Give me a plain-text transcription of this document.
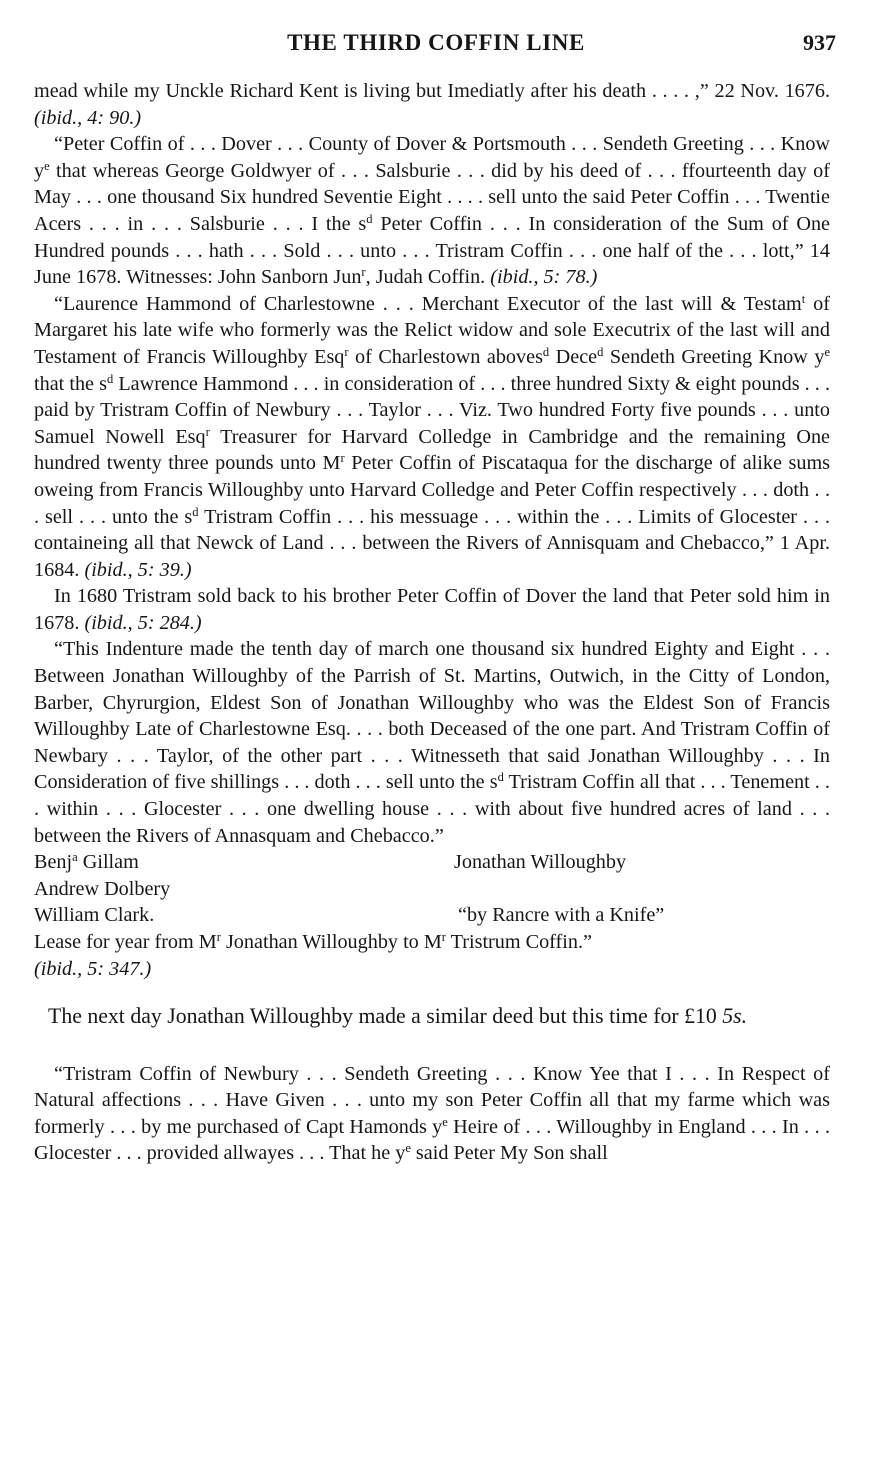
THE THIRD COFFIN LINE	937

mead while my Unckle Richard Kent is living but Imediatly after his death . . . . ,” 22 Nov. 1676. (ibid., 4: 90.)

“Peter Coffin of . . . Dover . . . County of Dover & Portsmouth . . . Sendeth Greeting . . . Know $y^e$ that whereas George Goldwyer of . . . Salsburie . . . did by his deed of . . . ffourteenth day of May . . . one thousand Six hundred Seventie Eight . . . . sell unto the said Peter Coffin . . . Twentie Acers . . . in . . . Salsburie . . . I the $s^d$ Peter Coffin . . . In consideration of the Sum of One Hundred pounds . . . hath . . . Sold . . . unto . . . Tristram Coffin . . . one half of the . . . lott,” 14 June 1678. Witnesses: John Sanborn Jun$^r$, Judah Coffin. (ibid., 5: 78.)

“Laurence Hammond of Charlestowne . . . Merchant Executor of the last will & Testam$^t$ of Margaret his late wife who formerly was the Relict widow and sole Executrix of the last will and Testament of Francis Willoughby Esq$^r$ of Charlestown aboves$^d$ Dece$^d$ Sendeth Greeting Know $y^e$ that the $s^d$ Lawrence Hammond . . . in consideration of . . . three hundred Sixty & eight pounds . . . paid by Tristram Coffin of Newbury . . . Taylor . . . Viz. Two hundred Forty five pounds . . . unto Samuel Nowell Esq$^r$ Treasurer for Harvard Colledge in Cambridge and the remaining One hundred twenty three pounds unto $M^r$ Peter Coffin of Piscataqua for the discharge of alike sums oweing from Francis Willoughby unto Harvard Colledge and Peter Coffin respectively . . . doth . . . sell . . . unto the $s^d$ Tristram Coffin . . . his messuage . . . within the . . . Limits of Glocester . . . containeing all that Newck of Land . . . between the Rivers of Annisquam and Chebacco,” 1 Apr. 1684. (ibid., 5: 39.)

In 1680 Tristram sold back to his brother Peter Coffin of Dover the land that Peter sold him in 1678. (ibid., 5: 284.)

“This Indenture made the tenth day of march one thousand six hundred Eighty and Eight . . . Between Jonathan Willoughby of the Parrish of St. Martins, Outwich, in the Citty of London, Barber, Chyrurgion, Eldest Son of Jonathan Willoughby who was the Eldest Son of Francis Willoughby Late of Charlestowne Esq. . . . both Deceased of the one part. And Tristram Coffin of Newbary . . . Taylor, of the other part . . . Witnesseth that said Jonathan Willoughby . . . In Consideration of five shillings . . . doth . . . sell unto the $s^d$ Tristram Coffin all that . . . Tenement . . . within . . . Glocester . . . one dwelling house . . . with about five hundred acres of land . . . between the Rivers of Annasquam and Chebacco.”

Benj$^a$ Gillam
Andrew Dolbery
William Clark.
Jonathan Willoughby
“by Rancre with a Knife”

Lease for year from $M^r$ Jonathan Willoughby to $M^r$ Tristrum Coffin.”
(ibid., 5: 347.)

The next day Jonathan Willoughby made a similar deed but this time for £10 5s.

“Tristram Coffin of Newbury . . . Sendeth Greeting . . . Know Yee that I . . . In Respect of Natural affections . . . Have Given . . . unto my son Peter Coffin all that my farme which was formerly . . . by me purchased of Capt Hamonds $y^e$ Heire of . . . Willoughby in England . . . In . . . Glocester . . . provided allwayes . . . That he $y^e$ said Peter My Son shall
